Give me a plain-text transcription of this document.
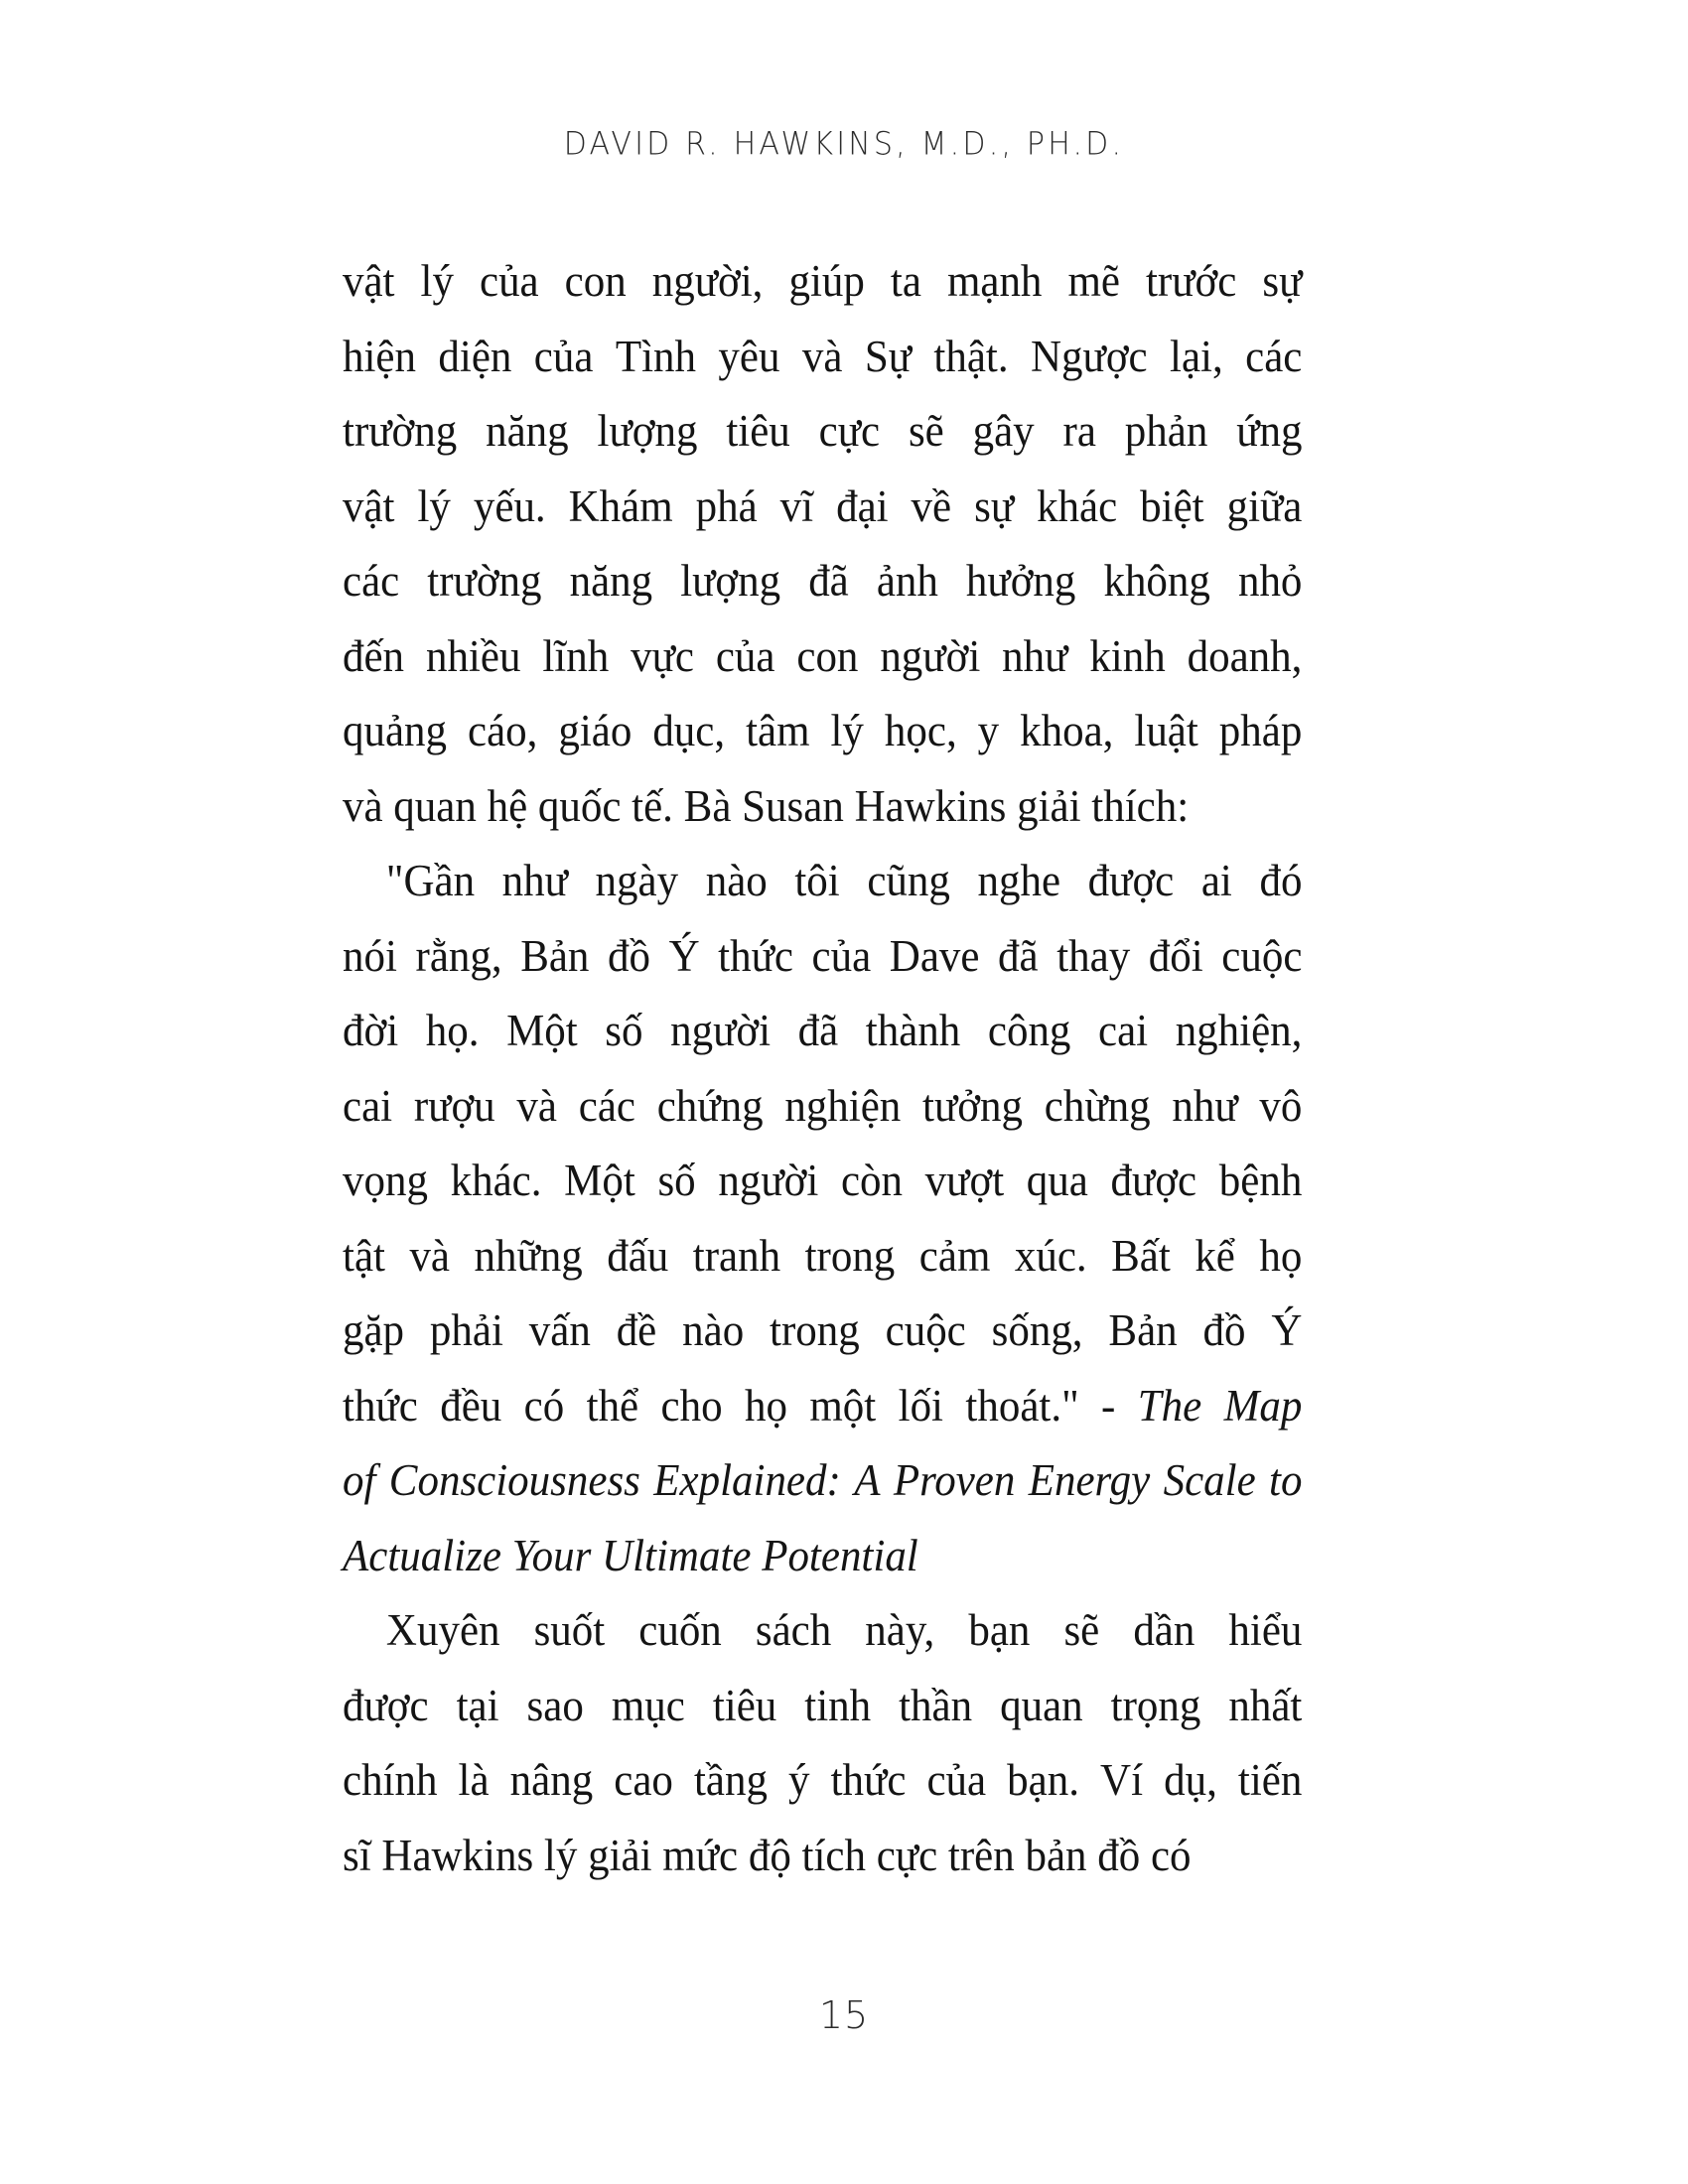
DAVID R. HAWKINS, M.D., PH.D.

vật lý của con người, giúp ta mạnh mẽ trước sự
hiện diện của Tình yêu và Sự thật. Ngược lại, các
trường năng lượng tiêu cực sẽ gây ra phản ứng
vật lý yếu. Khám phá vĩ đại về sự khác biệt giữa
các trường năng lượng đã ảnh hưởng không nhỏ
đến nhiều lĩnh vực của con người như kinh doanh,
quảng cáo, giáo dục, tâm lý học, y khoa, luật pháp
và quan hệ quốc tế. Bà Susan Hawkins giải thích:

"Gần như ngày nào tôi cũng nghe được ai đó
nói rằng, Bản đồ Ý thức của Dave đã thay đổi cuộc
đời họ. Một số người đã thành công cai nghiện,
cai rượu và các chứng nghiện tưởng chừng như vô
vọng khác. Một số người còn vượt qua được bệnh
tật và những đấu tranh trong cảm xúc. Bất kể họ
gặp phải vấn đề nào trong cuộc sống, Bản đồ Ý
thức đều có thể cho họ một lối thoát." - The Map
of Consciousness Explained: A Proven Energy Scale to
Actualize Your Ultimate Potential

Xuyên suốt cuốn sách này, bạn sẽ dần hiểu
được tại sao mục tiêu tinh thần quan trọng nhất
chính là nâng cao tầng ý thức của bạn. Ví dụ, tiến
sĩ Hawkins lý giải mức độ tích cực trên bản đồ có

15
